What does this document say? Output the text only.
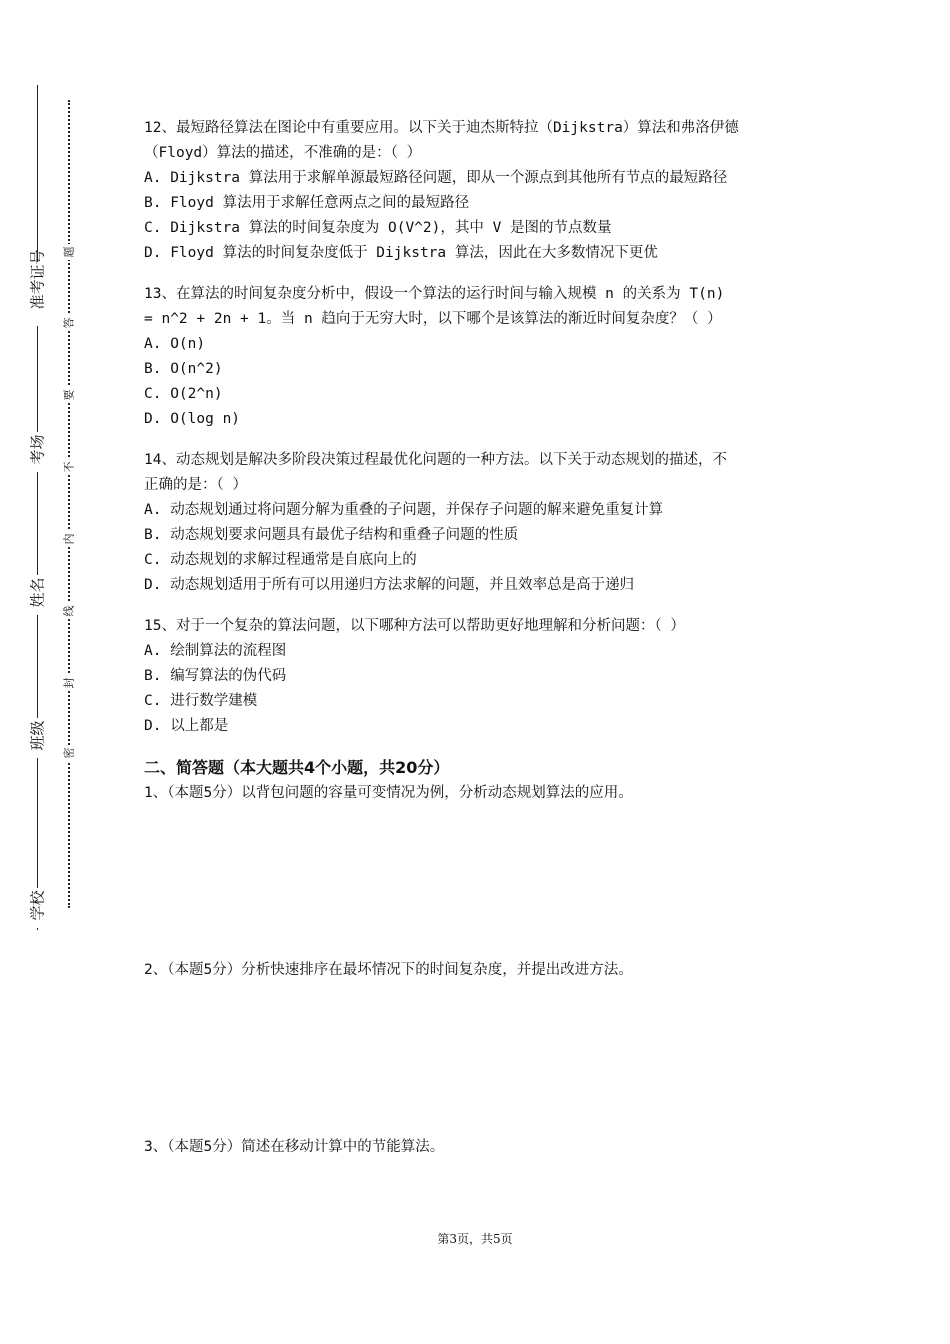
准考证号
考场
姓名
班级
学校
题
答
要
不
内
线
封
密
12、最短路径算法在图论中有重要应用。以下关于迪杰斯特拉（Dijkstra）算法和弗洛伊德
（Floyd）算法的描述，不准确的是：（ ）
A. Dijkstra 算法用于求解单源最短路径问题，即从一个源点到其他所有节点的最短路径
B. Floyd 算法用于求解任意两点之间的最短路径
C. Dijkstra 算法的时间复杂度为 O(V^2)，其中 V 是图的节点数量
D. Floyd 算法的时间复杂度低于 Dijkstra 算法，因此在大多数情况下更优
13、在算法的时间复杂度分析中，假设一个算法的运行时间与输入规模 n 的关系为 T(n)
= n^2 + 2n + 1。当 n 趋向于无穷大时，以下哪个是该算法的渐近时间复杂度？（ ）
A. O(n)
B. O(n^2)
C. O(2^n)
D. O(log n)
14、动态规划是解决多阶段决策过程最优化问题的一种方法。以下关于动态规划的描述，不
正确的是：（ ）
A. 动态规划通过将问题分解为重叠的子问题，并保存子问题的解来避免重复计算
B. 动态规划要求问题具有最优子结构和重叠子问题的性质
C. 动态规划的求解过程通常是自底向上的
D. 动态规划适用于所有可以用递归方法求解的问题，并且效率总是高于递归
15、对于一个复杂的算法问题，以下哪种方法可以帮助更好地理解和分析问题：（ ）
A. 绘制算法的流程图
B. 编写算法的伪代码
C. 进行数学建模
D. 以上都是
二、简答题（本大题共4个小题，共20分）
1、（本题5分）以背包问题的容量可变情况为例，分析动态规划算法的应用。
2、（本题5分）分析快速排序在最坏情况下的时间复杂度，并提出改进方法。
3、（本题5分）简述在移动计算中的节能算法。
第3页，共5页
